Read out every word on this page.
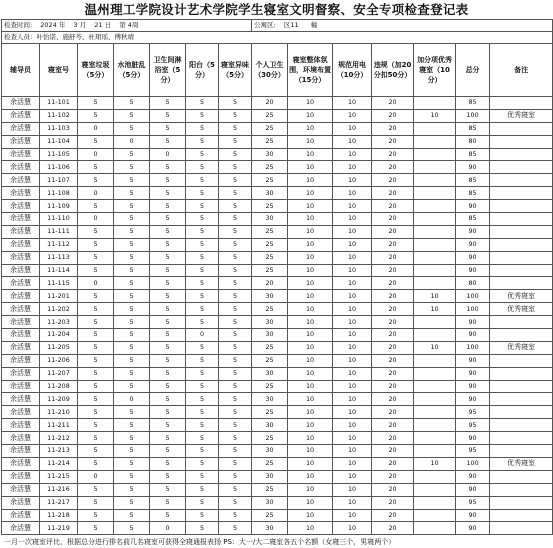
温州理工学院设计艺术学院学生寝室文明督察、安全专项检查登记表
检查时间: 2024 年 3 月 21 日 第 4周							公寓区: 区11 幢						
检查人员：叶怡诺、施舒芩、杜珺瑶、傅秋靖													

辅导员	寝室号	寝室垃圾（5分）	水池脏乱（5分）	卫生间淋浴室（5分）	阳台（5分）	寝室异味（5分）	个人卫生（30分）	寝室整体氛围，环境布置（15分）	规范用电（10分）	违规（加20分扣50分）	加分项优秀寝室（10分）	总分	备注

余活慧	11-101	5	5	5	5	5	20	10	10	20		85	
余活慧	11-102	5	5	5	5	5	25	10	10	20	10	100	优秀寝室
余活慧	11-103	0	5	5	5	5	25	10	10	20		85	
余活慧	11-104	5	0	5	5	5	25	10	10	20		80	
余活慧	11-105	0	5	0	5	5	30	10	10	20		85	
余活慧	11-106	5	5	5	5	5	25	10	10	20		90	
余活慧	11-107	5	5	5	5	5	25	10	10	20		85	
余活慧	11-108	0	5	5	5	5	30	10	10	20		85	
余活慧	11-109	5	5	5	5	5	25	10	10	20		90	
余活慧	11-110	0	5	5	5	5	30	10	10	20		85	
余活慧	11-111	5	5	5	5	5	25	10	10	20		90	
余活慧	11-112	5	5	5	5	5	25	10	10	20		90	
余活慧	11-113	5	5	5	5	5	25	10	10	20		90	
余活慧	11-114	5	5	5	5	5	25	10	10	20		90	
余活慧	11-115	0	5	5	5	5	20	10	10	20		80	
余活慧	11-201	5	5	5	5	5	30	10	10	20	10	100	优秀寝室
余活慧	11-202	5	5	5	5	5	25	10	10	20	10	100	优秀寝室
余活慧	11-203	5	5	5	5	5	30	10	10	20		90	
余活慧	11-204	5	5	5	0	5	30	10	10	20		90	
余活慧	11-205	5	5	5	5	5	25	10	10	20	10	100	优秀寝室
余活慧	11-206	5	5	5	5	5	25	10	10	20		90	
余活慧	11-207	5	5	5	5	5	30	10	10	20		90	
余活慧	11-208	5	5	5	5	5	25	10	10	20		90	
余活慧	11-209	5	0	5	5	5	30	10	10	20		90	
余活慧	11-210	5	5	5	5	5	25	10	10	20		95	
余活慧	11-211	5	5	5	5	5	30	10	10	20		95	
余活慧	11-212	5	5	5	5	5	25	10	10	20		90	
余活慧	11-213	5	5	5	5	5	30	10	10	20		95	
余活慧	11-214	5	5	5	5	5	25	10	10	20	10	100	优秀寝室
余活慧	11-215	0	5	5	5	5	30	10	10	20		90	
余活慧	11-216	5	5	5	5	5	25	10	10	20		90	
余活慧	11-217	5	5	5	5	5	30	10	10	20		95	
余活慧	11-218	5	5	5	5	5	25	10	10	20		90	
余活慧	11-219	5	5	0	5	5	30	10	10	20		90	
一月一次寝室评比，根据总分进行排名前几名寝室可获得全寝通报表扬 PS：大一/大二寝室各五个名额（女寝三个，男寝两个）
